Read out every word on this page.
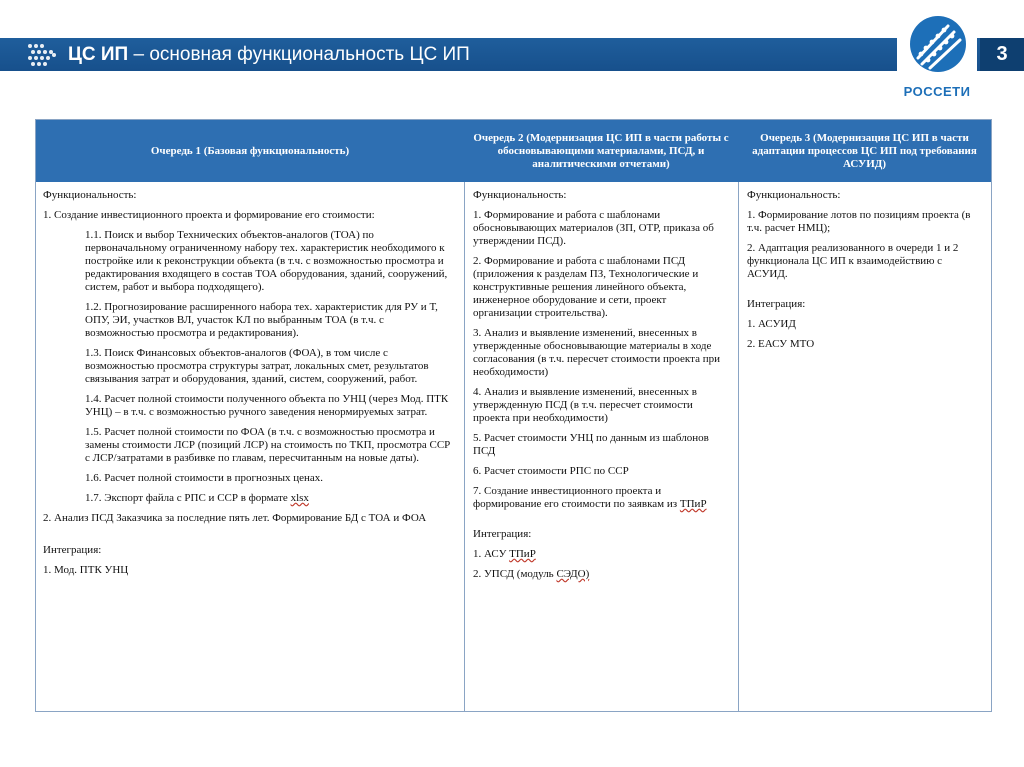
ЦС ИП – основная функциональность ЦС ИП	3
РОССЕТИ
Очередь 1 (Базовая функциональность)
Очередь 2 (Модернизация ЦС ИП в части работы с обосновывающими материалами, ПСД, и аналитическими отчетами)
Очередь 3 (Модернизация ЦС ИП в части адаптации процессов ЦС ИП под требования АСУИД)

Функциональность:

1. Создание инвестиционного проекта и формирование его стоимости:

1.1. Поиск и выбор Технических объектов-аналогов (ТОА) по первоначальному ограниченному набору тех. характеристик необходимого к постройке или к реконструкции объекта (в т.ч. с возможностью просмотра и редактирования входящего в состав ТОА оборудования, зданий, сооружений, систем, работ и выбора подходящего).

1.2. Прогнозирование расширенного набора тех. характеристик для РУ и Т, ОПУ, ЭИ, участков ВЛ, участок КЛ по выбранным ТОА (в т.ч. с возможностью просмотра и редактирования).

1.3. Поиск Финансовых объектов-аналогов (ФОА), в том числе с возможностью просмотра структуры затрат, локальных смет, результатов связывания затрат и оборудования, зданий, систем, сооружений, работ.

1.4. Расчет полной стоимости полученного объекта по УНЦ (через Мод. ПТК УНЦ) – в т.ч. с возможностью ручного заведения ненормируемых затрат.

1.5. Расчет полной стоимости по ФОА (в т.ч. с возможностью просмотра и замены стоимости ЛСР (позиций ЛСР) на стоимость по ТКП, просмотра ССР с ЛСР/затратами в разбивке по главам, пересчитанным на новые даты).

1.6. Расчет полной стоимости в прогнозных ценах.

1.7. Экспорт файла с РПС и ССР в формате xlsx

2. Анализ ПСД Заказчика за последние пять лет. Формирование БД с ТОА и ФОА

Интеграция:

1. Мод. ПТК УНЦ

Функциональность:

1. Формирование и работа с шаблонами обосновывающих материалов (ЗП, ОТР, приказа об утверждении ПСД).

2. Формирование и работа с шаблонами ПСД (приложения к разделам ПЗ, Технологические и конструктивные решения линейного объекта, инженерное оборудование и сети, проект организации строительства).

3. Анализ и выявление изменений, внесенных в утвержденные обосновывающие материалы в ходе согласования (в т.ч. пересчет стоимости проекта при необходимости)

4. Анализ и выявление изменений, внесенных в утвержденную ПСД (в т.ч. пересчет стоимости проекта при необходимости)

5. Расчет стоимости УНЦ по данным из шаблонов ПСД

6. Расчет стоимости РПС по ССР

7. Создание инвестиционного проекта и формирование его стоимости по заявкам из ТПиР

Интеграция:

1. АСУ ТПиР

2. УПСД (модуль СЭДО)

Функциональность:

1. Формирование лотов по позициям проекта (в т.ч. расчет НМЦ);

2. Адаптация реализованного в очереди 1 и 2 функционала ЦС ИП к взаимодействию с АСУИД.

Интеграция:

1. АСУИД

2. ЕАСУ МТО
